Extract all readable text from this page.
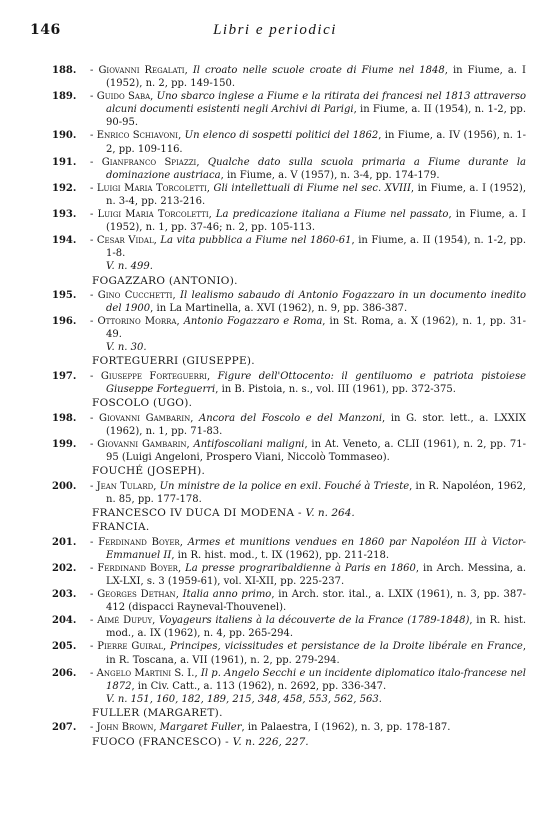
146	Libri e periodici
188. - Giovanni Regalati, Il croato nelle scuole croate di Fiume nel 1848, in Fiume, a. I (1952), n. 2, pp. 149-150.
189. - Guido Saba, Uno sbarco inglese a Fiume e la ritirata dei francesi nel 1813 attraverso alcuni documenti esistenti negli Archivi di Parigi, in Fiume, a. II (1954), n. 1-2, pp. 90-95.
190. - Enrico Schiavoni, Un elenco di sospetti politici del 1862, in Fiume, a. IV (1956), n. 1-2, pp. 109-116.
191. - Gianfranco Spiazzi, Qualche dato sulla scuola primaria a Fiume durante la dominazione austriaca, in Fiume, a. V (1957), n. 3-4, pp. 174-179.
192. - Luigi Maria Torcoletti, Gli intellettuali di Fiume nel sec. XVIII, in Fiume, a. I (1952), n. 3-4, pp. 213-216.
193. - Luigi Maria Torcoletti, La predicazione italiana a Fiume nel passato, in Fiume, a. I (1952), n. 1, pp. 37-46; n. 2, pp. 105-113.
194. - Cesar Vidal, La vita pubblica a Fiume nel 1860-61, in Fiume, a. II (1954), n. 1-2, pp. 1-8.
V. n. 499.
FOGAZZARO (ANTONIO).
195. - Gino Cucchetti, Il lealismo sabaudo di Antonio Fogazzaro in un documento inedito del 1900, in La Martinella, a. XVI (1962), n. 9, pp. 386-387.
196. - Ottorino Morra, Antonio Fogazzaro e Roma, in St. Roma, a. X (1962), n. 1, pp. 31-49.
V. n. 30.
FORTEGUERRI (GIUSEPPE).
197. - Giuseppe Forteguerri, Figure dell'Ottocento: il gentiluomo e patriota pistoiese Giuseppe Forteguerri, in B. Pistoia, n. s., vol. III (1961), pp. 372-375.
FOSCOLO (UGO).
198. - Giovanni Gambarin, Ancora del Foscolo e del Manzoni, in G. stor. lett., a. LXXIX (1962), n. 1, pp. 71-83.
199. - Giovanni Gambarin, Antifoscoliani maligni, in At. Veneto, a. CLII (1961), n. 2, pp. 71-95 (Luigi Angeloni, Prospero Viani, Niccolò Tommaseo).
FOUCHÉ (JOSEPH).
200. - Jean Tulard, Un ministre de la police en exil. Fouché à Trieste, in R. Napoléon, 1962, n. 85, pp. 177-178.
FRANCESCO IV DUCA DI MODENA - V. n. 264.
FRANCIA.
201. - Ferdinand Boyer, Armes et munitions vendues en 1860 par Napoléon III à Victor-Emmanuel II, in R. hist. mod., t. IX (1962), pp. 211-218.
202. - Ferdinand Boyer, La presse prograribaldienne à Paris en 1860, in Arch. Messina, a. LX-LXI, s. 3 (1959-61), vol. XI-XII, pp. 225-237.
203. - Georges Dethan, Italia anno primo, in Arch. stor. ital., a. LXIX (1961), n. 3, pp. 387-412 (dispacci Rayneval-Thouvenel).
204. - Aimé Dupuy, Voyageurs italiens à la découverte de la France (1789-1848), in R. hist. mod., a. IX (1962), n. 4, pp. 265-294.
205. - Pierre Guiral, Principes, vicissitudes et persistance de la Droite libérale en France, in R. Toscana, a. VII (1961), n. 2, pp. 279-294.
206. - Angelo Martini S. I., Il p. Angelo Secchi e un incidente diplomatico italo-francese nel 1872, in Civ. Catt., a. 113 (1962), n. 2692, pp. 336-347.
V. n. 151, 160, 182, 189, 215, 348, 458, 553, 562, 563.
FULLER (MARGARET).
207. - John Brown, Margaret Fuller, in Palaestra, I (1962), n. 3, pp. 178-187.
FUOCO (FRANCESCO) - V. n. 226, 227.
